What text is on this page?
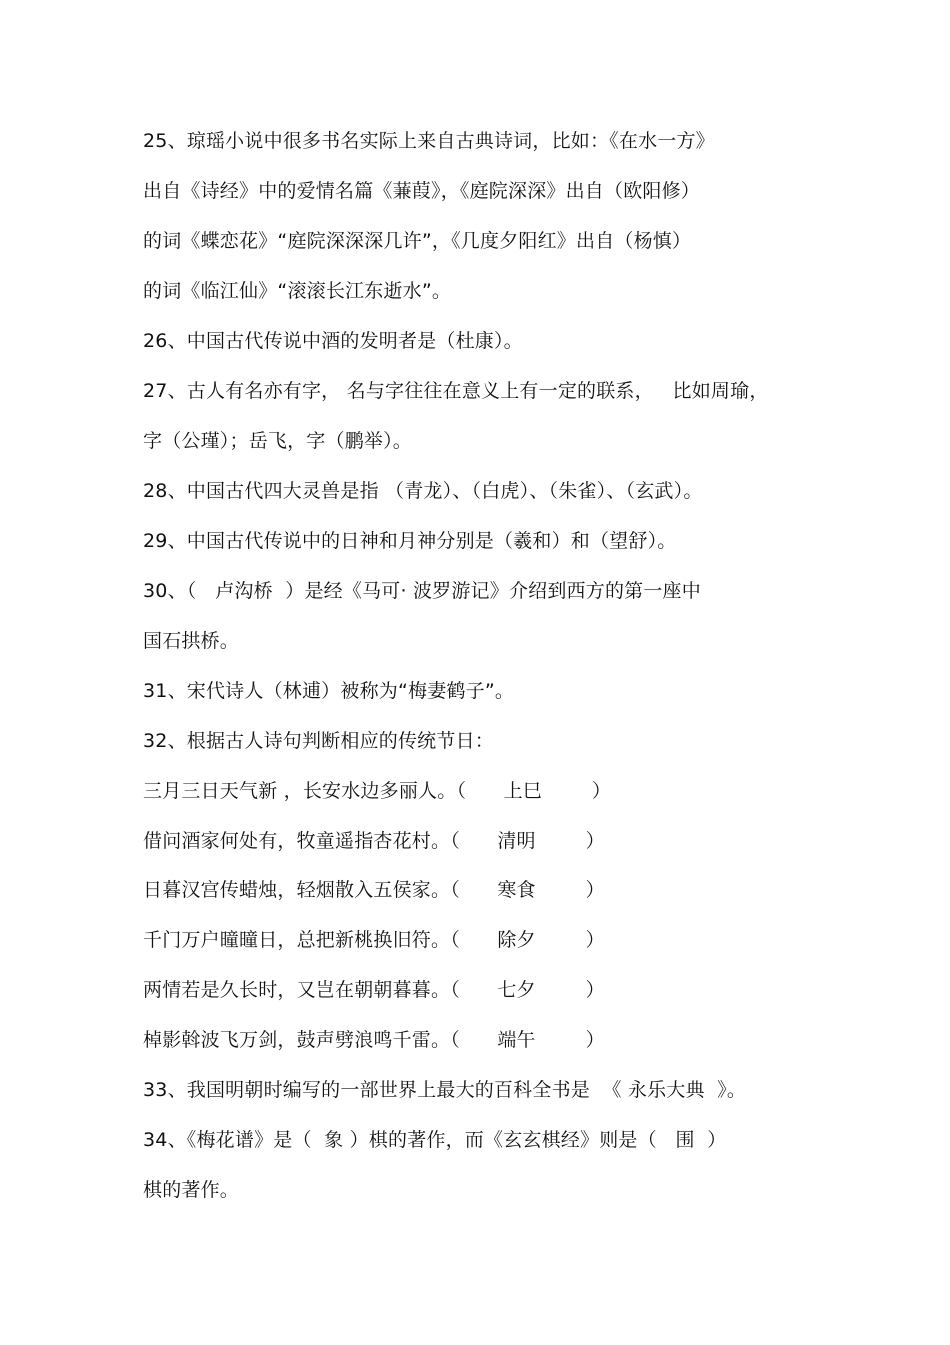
25、琼瑶小说中很多书名实际上来自古典诗词，比如：《在水一方》
出自《诗经》中的爱情名篇《蒹葭》，《庭院深深》出自（欧阳修）
的词《蝶恋花》“庭院深深深几许”，《几度夕阳红》出自（杨慎）
的词《临江仙》“滚滚长江东逝水”。
26、中国古代传说中酒的发明者是（杜康）。
27、古人有名亦有字， 名与字往往在意义上有一定的联系，   比如周瑜，
字（公瑾）；岳飞，字（鹏举）。
28、中国古代四大灵兽是指 （青龙）、（白虎）、（朱雀）、（玄武）。
29、中国古代传说中的日神和月神分别是（羲和）和（望舒）。
30、（   卢沟桥  ）是经《马可· 波罗游记》介绍到西方的第一座中
国石拱桥。
31、宋代诗人（林逋）被称为“梅妻鹤子”。
32、根据古人诗句判断相应的传统节日：
三月三日天气新 ，长安水边多丽人。（      上巳        ）
借问酒家何处有，牧童遥指杏花村。（      清明        ）
日暮汉宫传蜡烛，轻烟散入五侯家。（      寒食        ）
千门万户曈曈日，总把新桃换旧符。（      除夕        ）
两情若是久长时，又岂在朝朝暮暮。（      七夕        ）
棹影斡波飞万剑，鼓声劈浪鸣千雷。（      端午        ）
33、我国明朝时编写的一部世界上最大的百科全书是  《 永乐大典  》。
34、《梅花谱》是（  象 ）棋的著作，而《玄玄棋经》则是（   围  ）
棋的著作。
